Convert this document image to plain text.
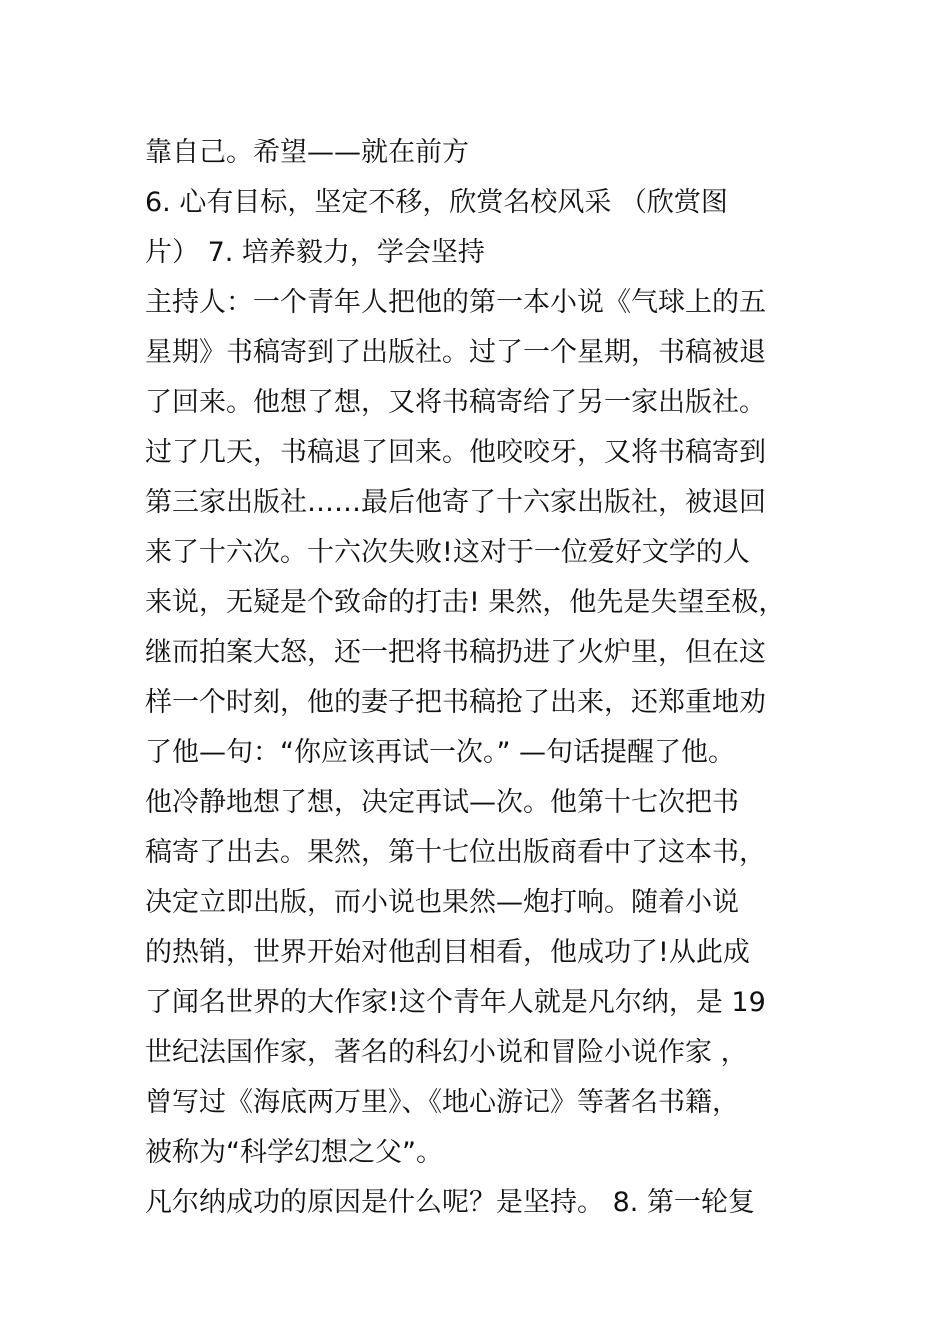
靠自己。希望——就在前方
6. 心有目标，坚定不移，欣赏名校风采 （欣赏图
片） 7. 培养毅力，学会坚持
主持人：一个青年人把他的第一本小说《气球上的五
星期》书稿寄到了出版社。过了一个星期，书稿被退
了回来。他想了想，又将书稿寄给了另一家出版社。
过了几天，书稿退了回来。他咬咬牙，又将书稿寄到
第三家出版社……最后他寄了十六家出版社，被退回
来了十六次。十六次失败!这对于一位爱好文学的人
来说，无疑是个致命的打击! 果然，他先是失望至极，
继而拍案大怒，还一把将书稿扔进了火炉里，但在这
样一个时刻，他的妻子把书稿抢了出来，还郑重地劝
了他—句：“你应该再试一次。” —句话提醒了他。
他冷静地想了想，决定再试—次。他第十七次把书
稿寄了出去。果然，第十七位出版商看中了这本书，
决定立即出版，而小说也果然—炮打响。随着小说
的热销，世界开始对他刮目相看，他成功了!从此成
了闻名世界的大作家!这个青年人就是凡尔纳，是 19
世纪法国作家，著名的科幻小说和冒险小说作家 ，
曾写过《海底两万里》、《地心游记》等著名书籍，
被称为“科学幻想之父”。
凡尔纳成功的原因是什么呢？是坚持。 8. 第一轮复
